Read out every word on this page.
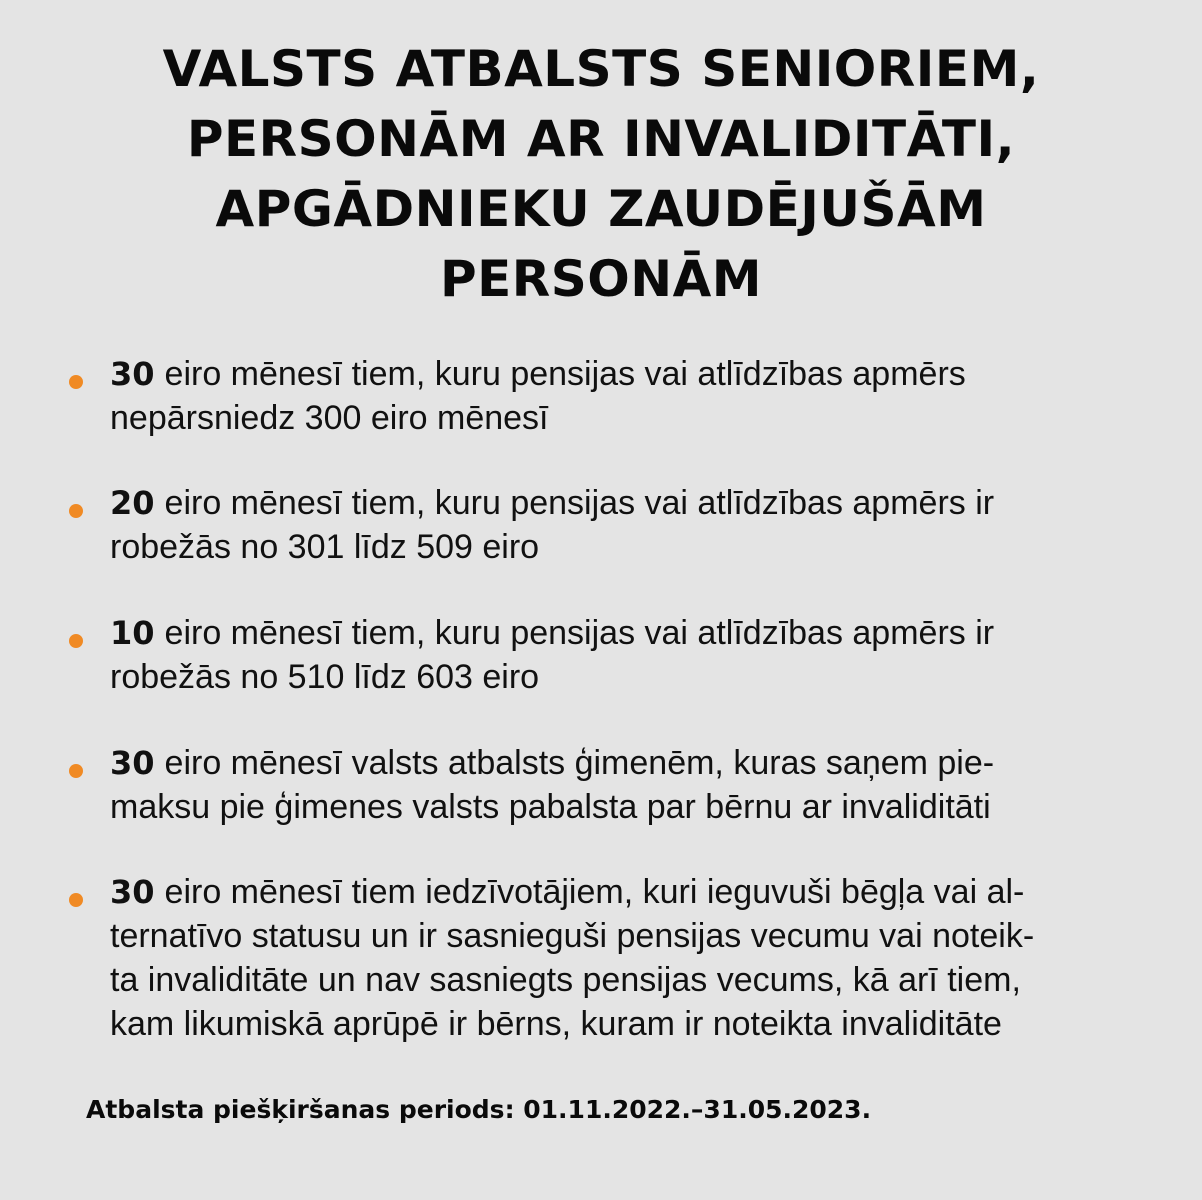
VALSTS ATBALSTS SENIORIEM,
PERSONĀM AR INVALIDITĀTI,
APGĀDNIEKU ZAUDĒJUŠĀM
PERSONĀM
30 eiro mēnesī tiem, kuru pensijas vai atlīdzības apmērs
nepārsniedz 300 eiro mēnesī
20 eiro mēnesī tiem, kuru pensijas vai atlīdzības apmērs ir
robežās no 301 līdz 509 eiro
10 eiro mēnesī tiem, kuru pensijas vai atlīdzības apmērs ir
robežās no 510 līdz 603 eiro
30 eiro mēnesī valsts atbalsts ģimenēm, kuras saņem pie-
maksu pie ģimenes valsts pabalsta par bērnu ar invaliditāti
30 eiro mēnesī tiem iedzīvotājiem, kuri ieguvuši bēgļa vai al-
ternatīvo statusu un ir sasnieguši pensijas vecumu vai noteik-
ta invaliditāte un nav sasniegts pensijas vecums, kā arī tiem,
kam likumiskā aprūpē ir bērns, kuram ir noteikta invaliditāte
Atbalsta piešķiršanas periods: 01.11.2022.–31.05.2023.
